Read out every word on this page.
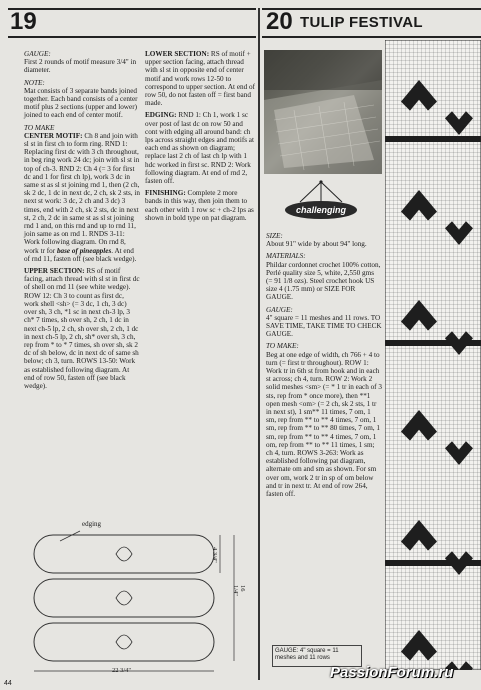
19	20 TULIP FESTIVAL

GAUGE:
First 2 rounds of motif measure 3/4" in diameter.

NOTE:
Mat consists of 3 separate bands joined together. Each band consists of a center motif plus 2 sections (upper and lower) joined to each end of center motif.

TO MAKE

CENTER MOTIF: Ch 8 and join with sl st in first ch to form ring. RND 1: Replacing first dc with 3 ch throughout, in beg ring work 24 dc; join with sl st in top of ch-3. RND 2: Ch 4 (= 3 for first dc and 1 for first ch lp), work 3 dc in same st as sl st joining rnd 1, then (2 ch, sk 2 dc, 1 dc in next dc, 2 ch, sk 2 sts, in next st work: 3 dc, 2 ch and 3 dc) 3 times, end with 2 ch, sk 2 sts, dc in next st, 2 ch, 2 dc in same st as sl st joining rnd 1 and, on this rnd and up to rnd 11, join same as on rnd 1. RNDS 3-11: Work following diagram. On rnd 8, work tr for base of pineapples. At end of rnd 11, fasten off (see black wedge).

UPPER SECTION: RS of motif facing, attach thread with sl st in first dc of shell on rnd 11 (see white wedge). ROW 12: Ch 3 to count as first dc, work shell <sh> (= 3 dc, 1 ch, 3 dc) over sh, 3 ch, *1 sc in next ch-3 lp, 3 ch* 7 times, sh over sh, 2 ch, 1 dc in next ch-5 lp, 2 ch, sh over sh, 2 ch, 1 dc in next ch-5 lp, 2 ch, sh* over sh, 3 ch, rep from * to * 7 times, sh over sh, sk 2 dc of sh below, dc in next dc of same sh below; ch 3, turn. ROWS 13-50: Work as established following diagram. At end of row 50, fasten off (see black wedge).

LOWER SECTION: RS of motif + upper section facing, attach thread with sl st in opposite end of center motif and work rows 12-50 to correspond to upper section. At end of row 50, do not fasten off = first band made.

EDGING: RND 1: Ch 1, work 1 sc over post of last dc on row 50 and cont with edging all around band: ch lps across straight edges and motifs at each end as shown on diagram; replace last 2 ch of last ch lp with 1 hdc worked in first sc. RND 2: Work following diagram. At end of rnd 2, fasten off.

FINISHING: Complete 2 more bands in this way, then join them to each other with 1 row sc + ch-2 lps as shown in bold type on pat diagram.

challenging

SIZE:
About 91" wide by about 94" long.

MATERIALS:
Phildar cordonnet crochet 100% cotton, Perlé quality size 5, white, 2,550 gms (= 91 1/8 ozs). Steel crochet hook US size 4 (1.75 mm) or SIZE FOR GAUGE.

GAUGE:
4" square = 11 meshes and 11 rows. TO SAVE TIME, TAKE TIME TO CHECK GAUGE.

TO MAKE:
Beg at one edge of width, ch 766 + 4 to turn (= first tr throughout). ROW 1: Work tr in 6th st from hook and in each st across; ch 4, turn. ROW 2: Work 2 solid meshes <sm> (= * 1 tr in each of 3 sts, rep from * once more), then **1 open mesh <om> (= 2 ch, sk 2 sts, 1 tr in next st), 1 sm** 11 times, 7 om, 1 sm, rep from ** to ** 4 times, 7 om, 1 sm, rep from ** to ** 80 times, 7 om, 1 sm, rep from ** to ** 4 times, 7 om, 1 om, rep from ** to ** 11 times, 1 sm; ch 4, turn. ROWS 3-263: Work as established following pat diagram, alternate om and sm as shown. For sm over om, work 2 tr in sp of om below and tr in next tr. At end of row 264, fasten off.

GAUGE: 4" square = 11 meshes and 11 rows
edging
4 3/4"
16 1/4"
22 3/4"
44
PassionForum.ru
